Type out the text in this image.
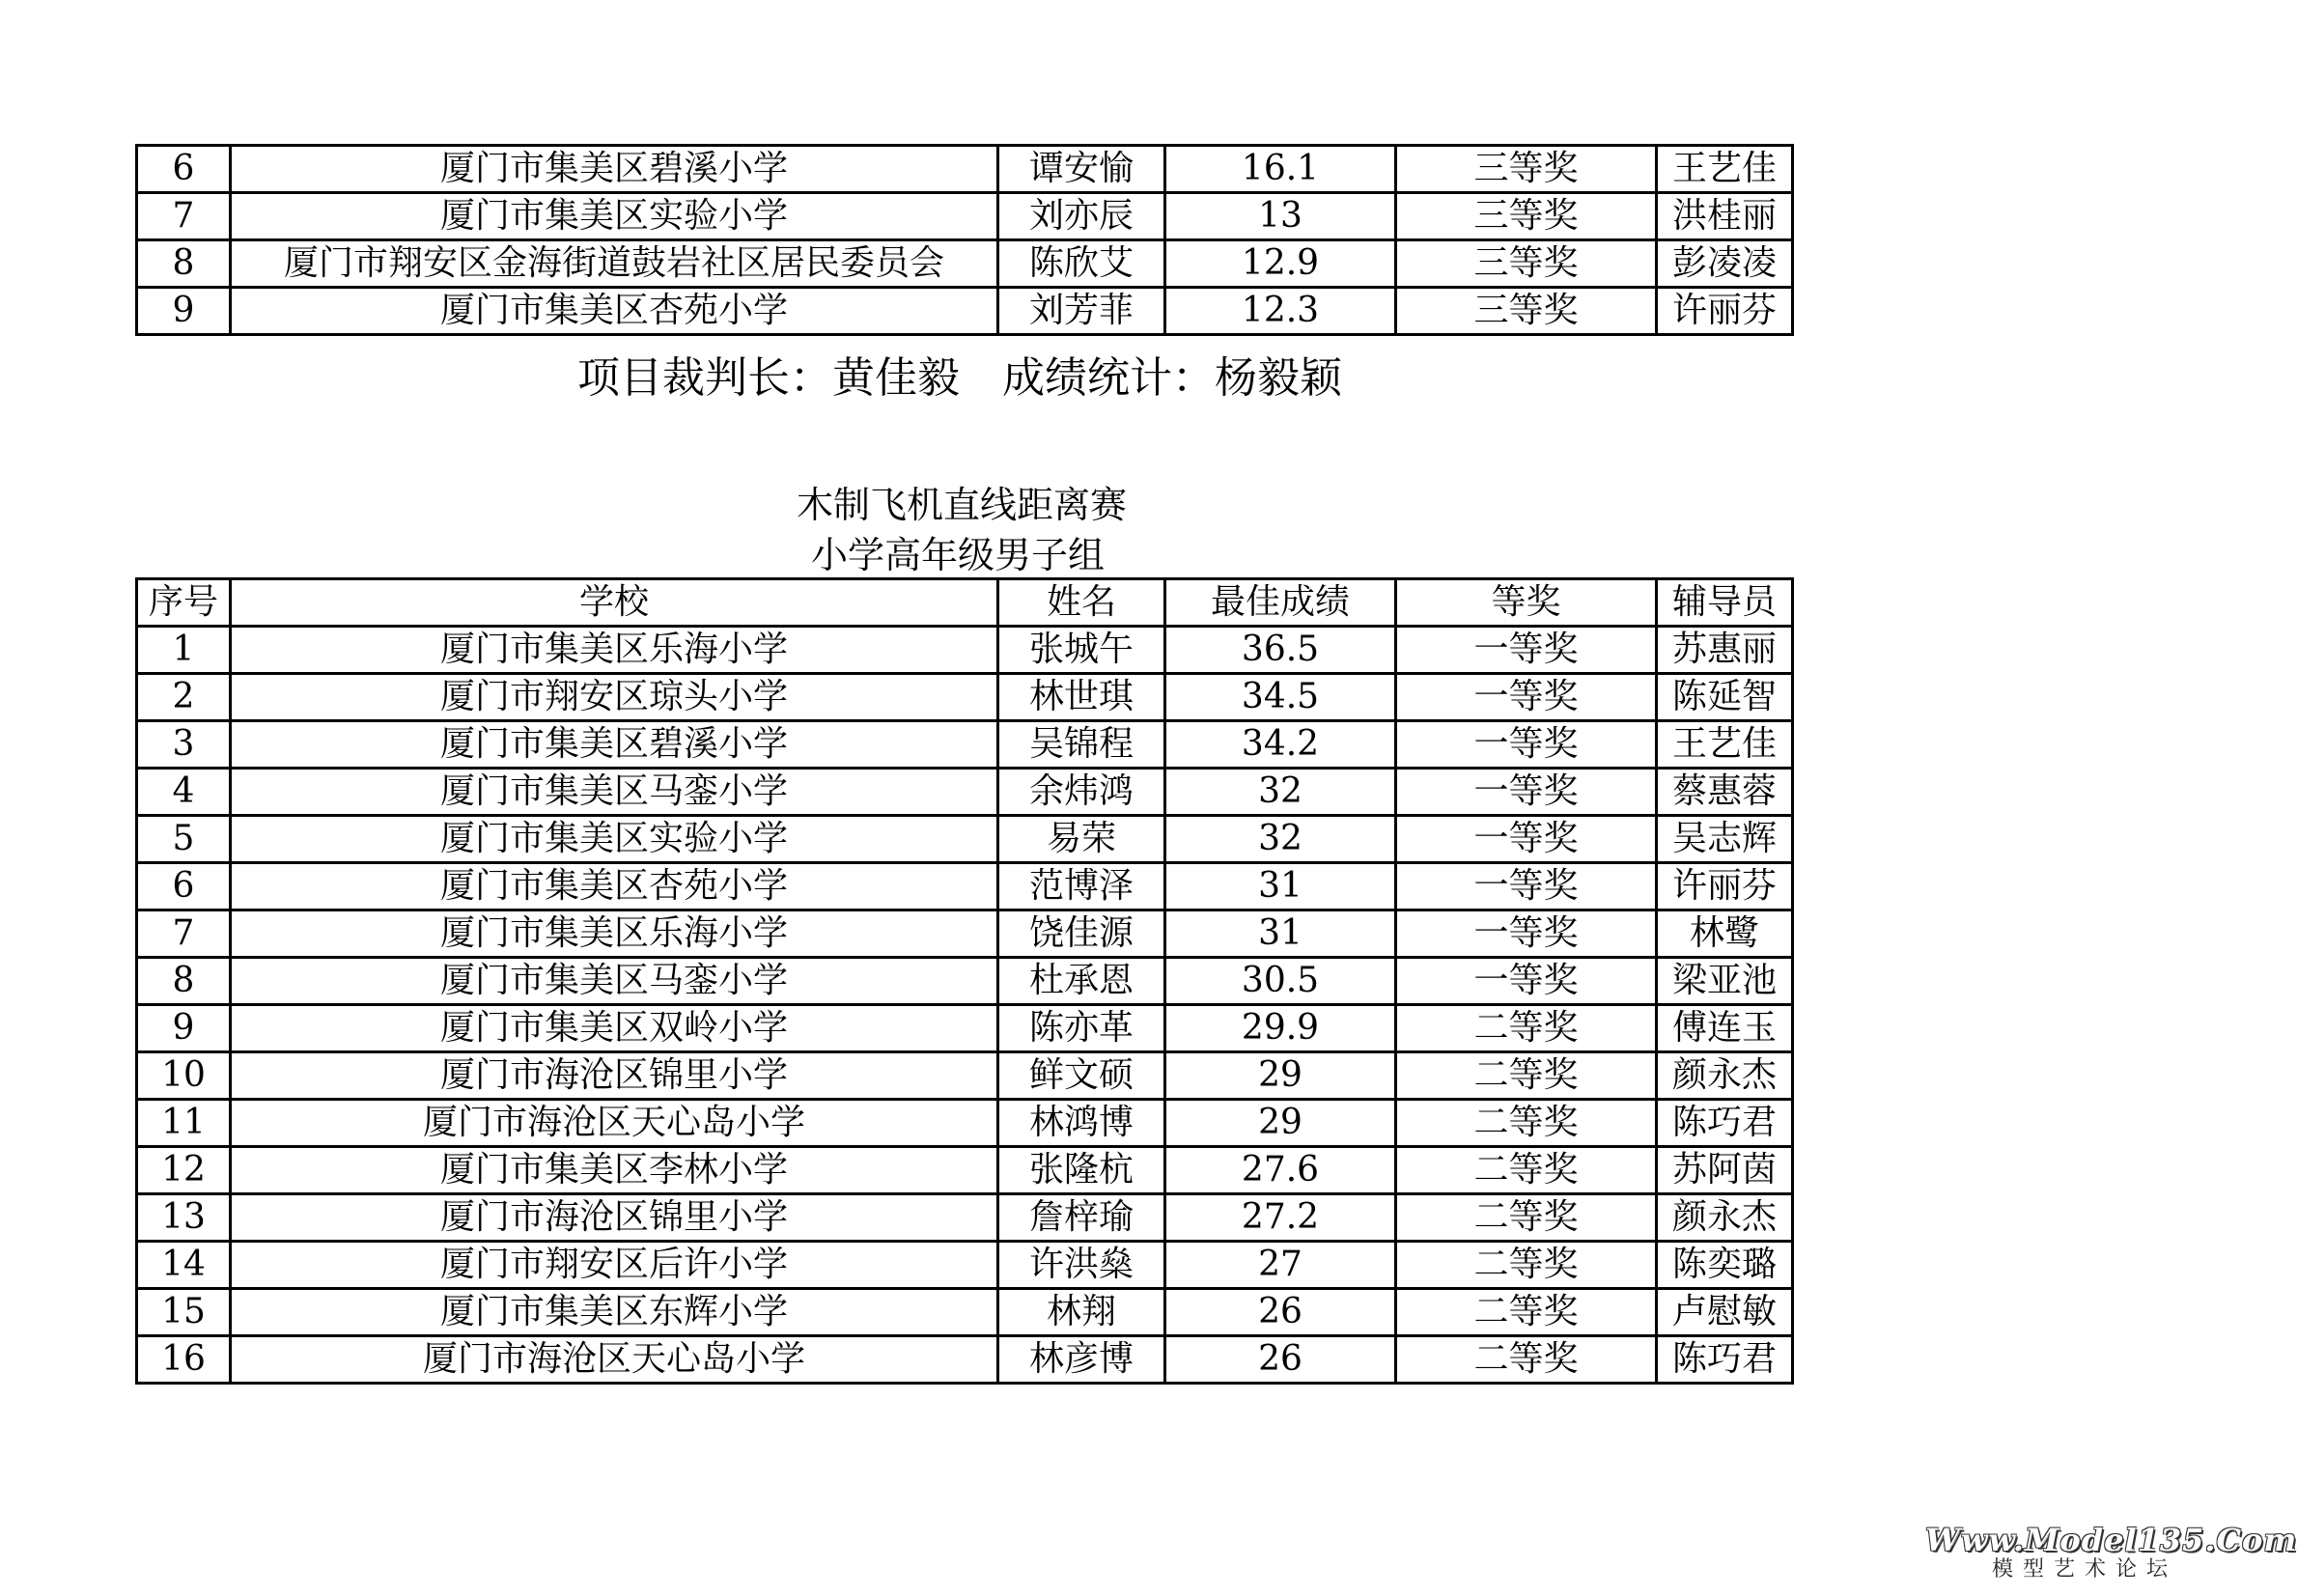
6	厦门市集美区碧溪小学	谭安愉	16.1	三等奖	王艺佳
7	厦门市集美区实验小学	刘亦辰	13	三等奖	洪桂丽
8	厦门市翔安区金海街道鼓岩社区居民委员会	陈欣艾	12.9	三等奖	彭凌凌
9	厦门市集美区杏苑小学	刘芳菲	12.3	三等奖	许丽芬
项目裁判长：黄佳毅 成绩统计：杨毅颖
木制飞机直线距离赛
小学高年级男子组
序号	学校	姓名	最佳成绩	等奖	辅导员
1	厦门市集美区乐海小学	张城午	36.5	一等奖	苏惠丽
2	厦门市翔安区琼头小学	林世琪	34.5	一等奖	陈延智
3	厦门市集美区碧溪小学	吴锦程	34.2	一等奖	王艺佳
4	厦门市集美区马銮小学	余炜鸿	32	一等奖	蔡惠蓉
5	厦门市集美区实验小学	易荣	32	一等奖	吴志辉
6	厦门市集美区杏苑小学	范博泽	31	一等奖	许丽芬
7	厦门市集美区乐海小学	饶佳源	31	一等奖	林鹭
8	厦门市集美区马銮小学	杜承恩	30.5	一等奖	梁亚池
9	厦门市集美区双岭小学	陈亦革	29.9	二等奖	傅连玉
10	厦门市海沧区锦里小学	鲜文硕	29	二等奖	颜永杰
11	厦门市海沧区天心岛小学	林鸿博	29	二等奖	陈巧君
12	厦门市集美区李林小学	张隆杭	27.6	二等奖	苏阿茵
13	厦门市海沧区锦里小学	詹梓瑜	27.2	二等奖	颜永杰
14	厦门市翔安区后许小学	许洪燊	27	二等奖	陈奕璐
15	厦门市集美区东辉小学	林翔	26	二等奖	卢慰敏
16	厦门市海沧区天心岛小学	林彦博	26	二等奖	陈巧君
Www.Model135.Com
模型艺术论坛
